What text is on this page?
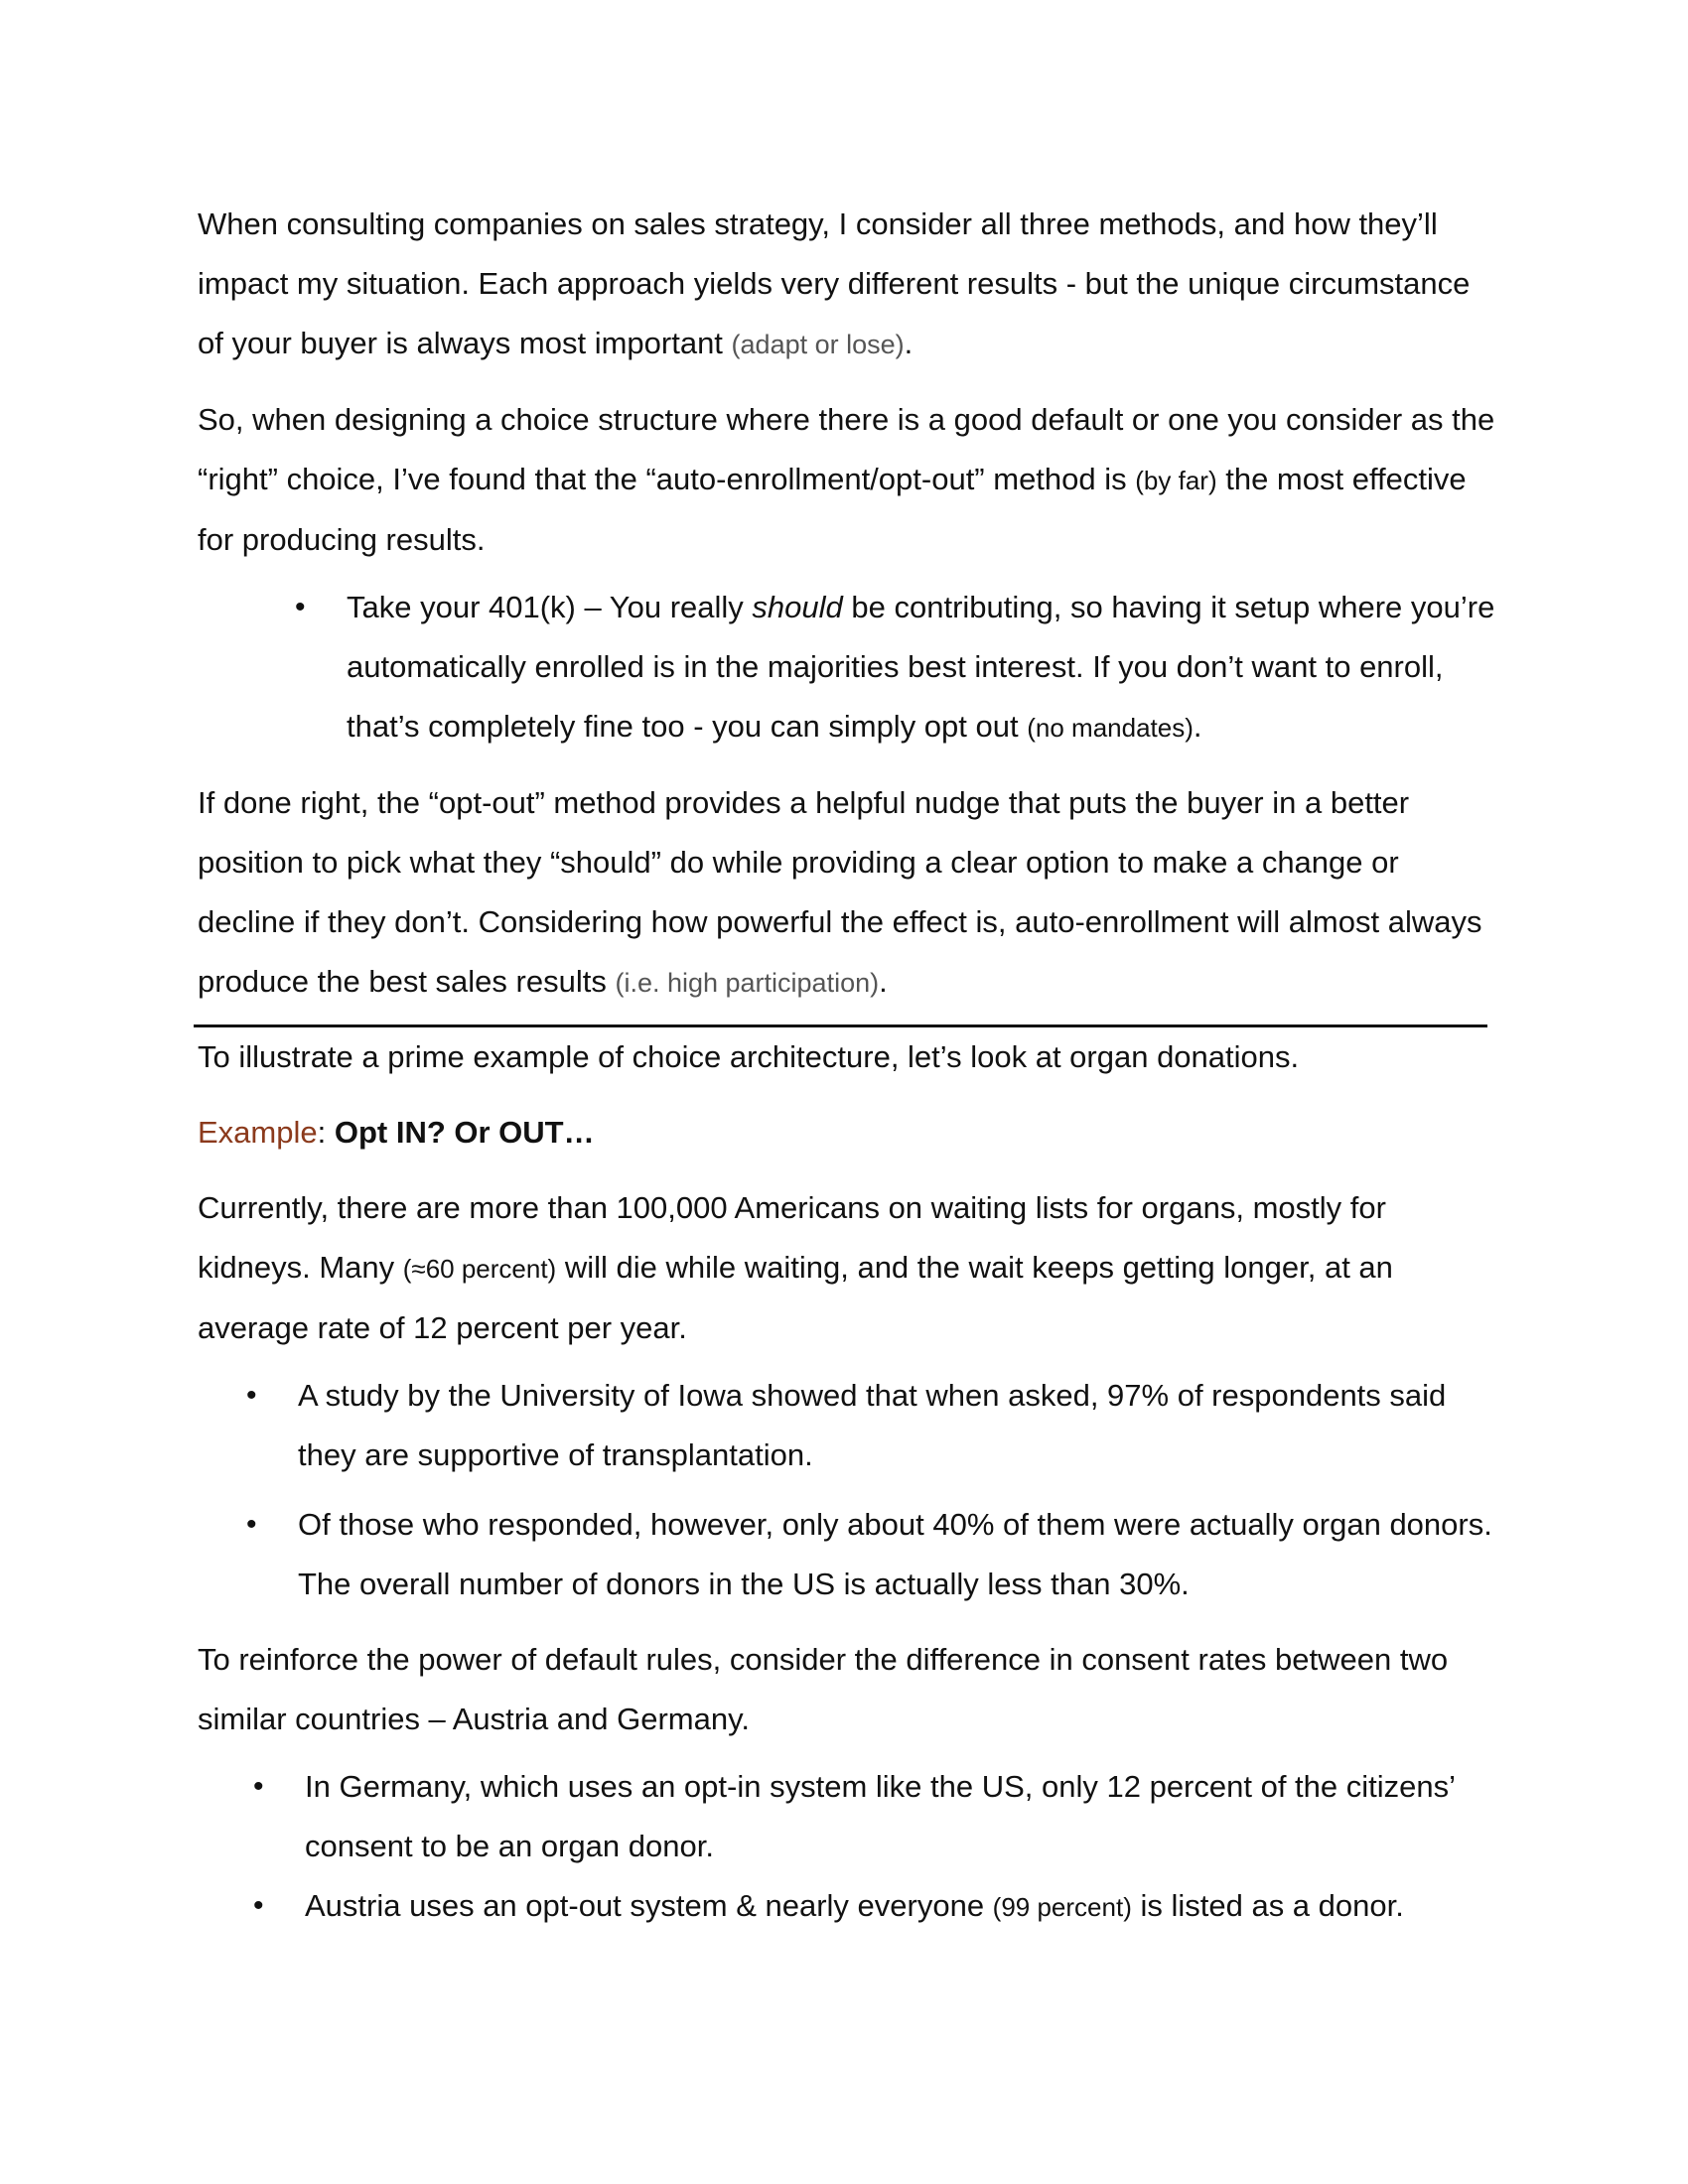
When consulting companies on sales strategy, I consider all three methods, and how they’ll impact my situation. Each approach yields very different results - but the unique circumstance of your buyer is always most important (adapt or lose).

So, when designing a choice structure where there is a good default or one you consider as the “right” choice, I’ve found that the “auto-enrollment/opt-out” method is (by far) the most effective for producing results.

• Take your 401(k) – You really should be contributing, so having it setup where you’re automatically enrolled is in the majorities best interest. If you don’t want to enroll, that’s completely fine too - you can simply opt out (no mandates).

If done right, the “opt-out” method provides a helpful nudge that puts the buyer in a better position to pick what they “should” do while providing a clear option to make a change or decline if they don’t. Considering how powerful the effect is, auto-enrollment will almost always produce the best sales results (i.e. high participation).

To illustrate a prime example of choice architecture, let’s look at organ donations.

Example: Opt IN? Or OUT…

Currently, there are more than 100,000 Americans on waiting lists for organs, mostly for kidneys. Many (≈60 percent) will die while waiting, and the wait keeps getting longer, at an average rate of 12 percent per year.

• A study by the University of Iowa showed that when asked, 97% of respondents said they are supportive of transplantation.
• Of those who responded, however, only about 40% of them were actually organ donors. The overall number of donors in the US is actually less than 30%.

To reinforce the power of default rules, consider the difference in consent rates between two similar countries – Austria and Germany.

• In Germany, which uses an opt-in system like the US, only 12 percent of the citizens’ consent to be an organ donor.
• Austria uses an opt-out system & nearly everyone (99 percent) is listed as a donor.
